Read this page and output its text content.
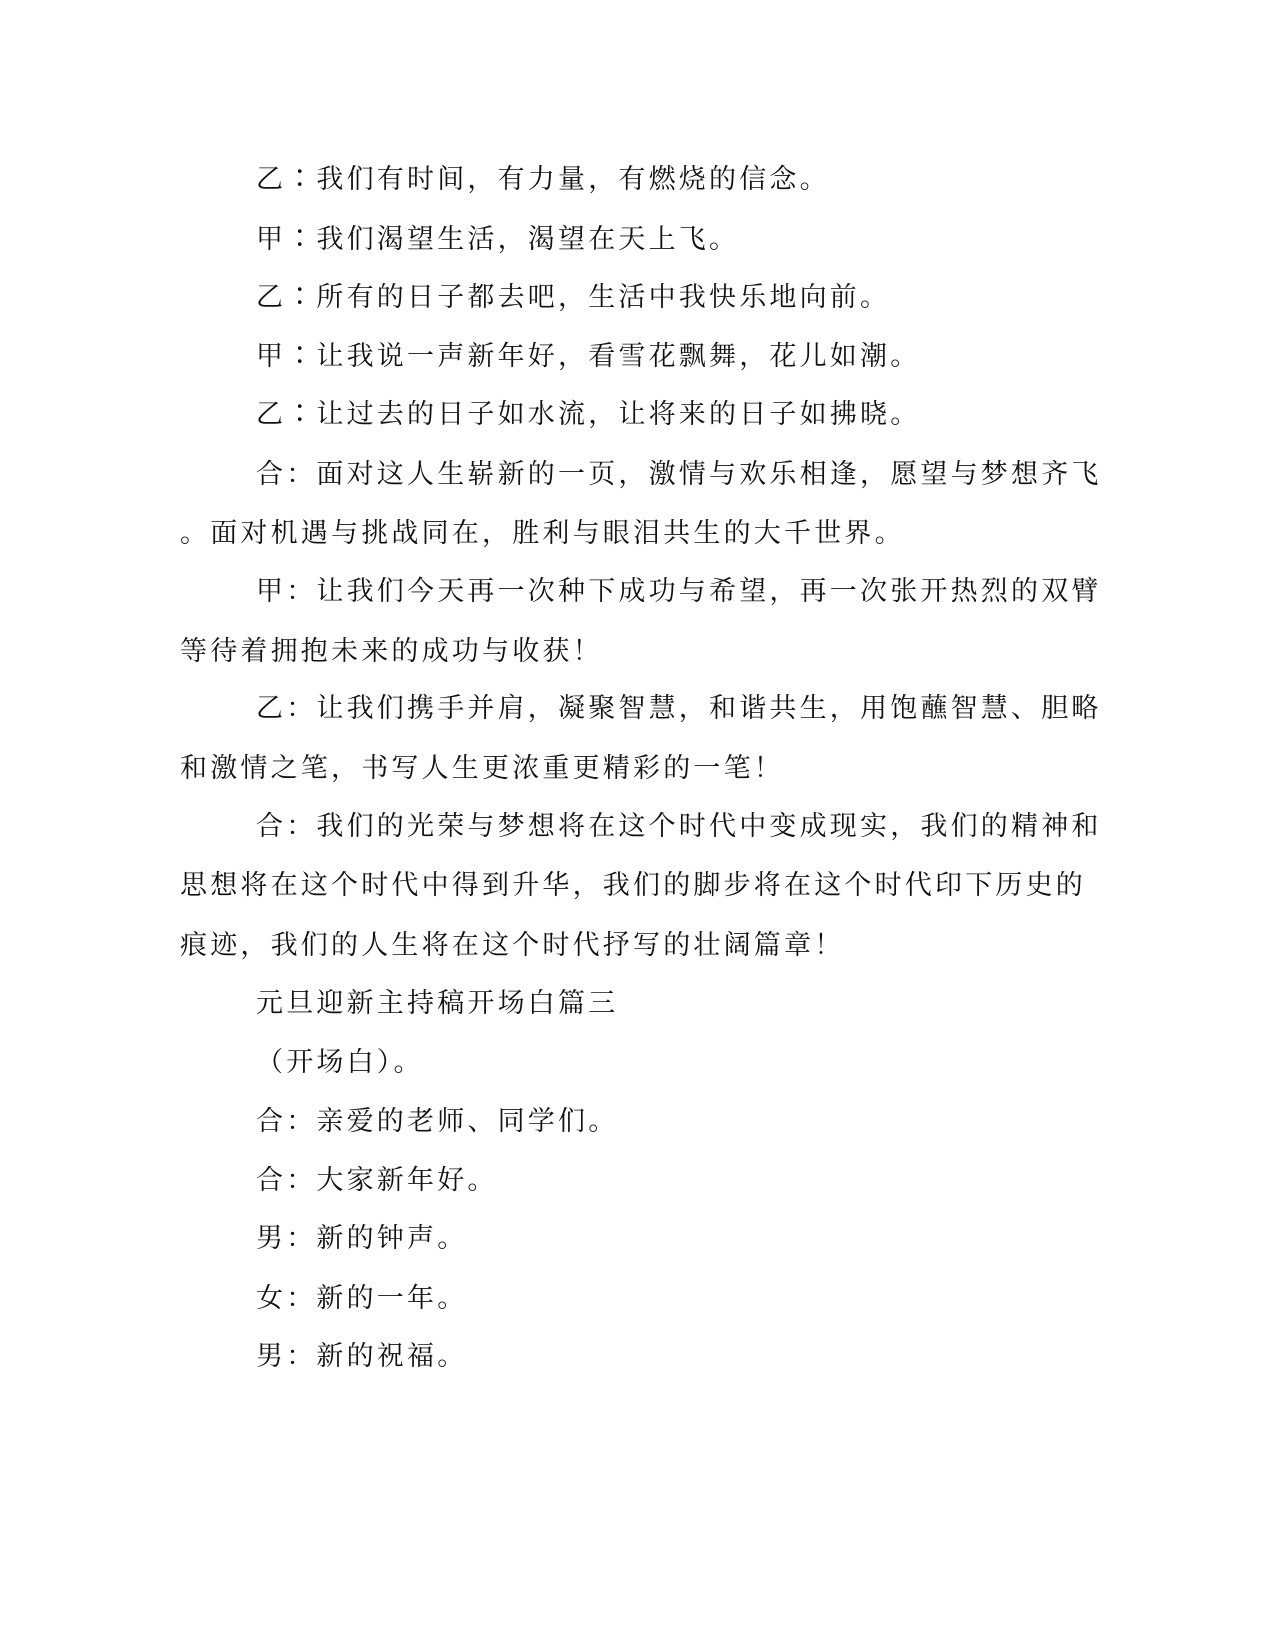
乙∶我们有时间，有力量，有燃烧的信念。

甲∶我们渴望生活，渴望在天上飞。

乙∶所有的日子都去吧，生活中我快乐地向前。

甲∶让我说一声新年好，看雪花飘舞，花儿如潮。

乙∶让过去的日子如水流，让将来的日子如拂晓。

合：面对这人生崭新的一页，激情与欢乐相逢，愿望与梦想齐飞

。面对机遇与挑战同在，胜利与眼泪共生的大千世界。

甲：让我们今天再一次种下成功与希望，再一次张开热烈的双臂

等待着拥抱未来的成功与收获！

乙：让我们携手并肩，凝聚智慧，和谐共生，用饱蘸智慧、胆略

和激情之笔，书写人生更浓重更精彩的一笔！

合：我们的光荣与梦想将在这个时代中变成现实，我们的精神和

思想将在这个时代中得到升华，我们的脚步将在这个时代印下历史的

痕迹，我们的人生将在这个时代抒写的壮阔篇章！

元旦迎新主持稿开场白篇三

（开场白）。

合：亲爱的老师、同学们。

合：大家新年好。

男：新的钟声。

女：新的一年。

男：新的祝福。
